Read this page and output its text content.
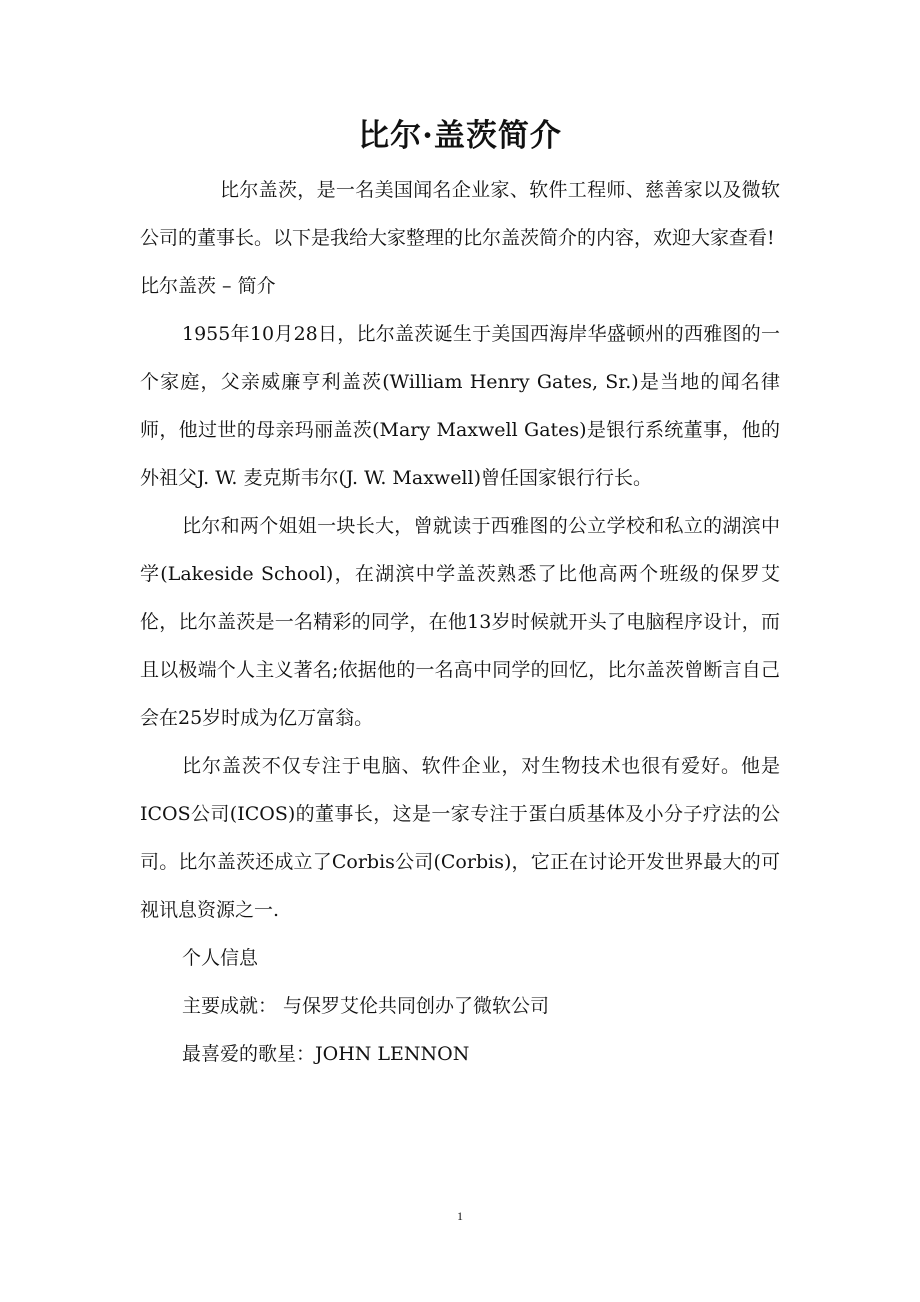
比尔·盖茨简介

比尔盖茨，是一名美国闻名企业家、软件工程师、慈善家以及微软公司的董事长。以下是我给大家整理的比尔盖茨简介的内容，欢迎大家查看!

比尔盖茨 – 简介

1955年10月28日，比尔盖茨诞生于美国西海岸华盛顿州的西雅图的一个家庭，父亲威廉亨利盖茨(William Henry Gates, Sr.)是当地的闻名律师，他过世的母亲玛丽盖茨(Mary Maxwell Gates)是银行系统董事，他的外祖父J. W. 麦克斯韦尔(J. W. Maxwell)曾任国家银行行长。

比尔和两个姐姐一块长大，曾就读于西雅图的公立学校和私立的湖滨中学(Lakeside School)，在湖滨中学盖茨熟悉了比他高两个班级的保罗艾伦，比尔盖茨是一名精彩的同学，在他13岁时候就开头了电脑程序设计，而且以极端个人主义著名;依据他的一名高中同学的回忆，比尔盖茨曾断言自己会在25岁时成为亿万富翁。

比尔盖茨不仅专注于电脑、软件企业，对生物技术也很有爱好。他是ICOS公司(ICOS)的董事长，这是一家专注于蛋白质基体及小分子疗法的公司。比尔盖茨还成立了Corbis公司(Corbis)，它正在讨论开发世界最大的可视讯息资源之一.

个人信息

主要成就： 与保罗艾伦共同创办了微软公司

最喜爱的歌星：JOHN LENNON

1
